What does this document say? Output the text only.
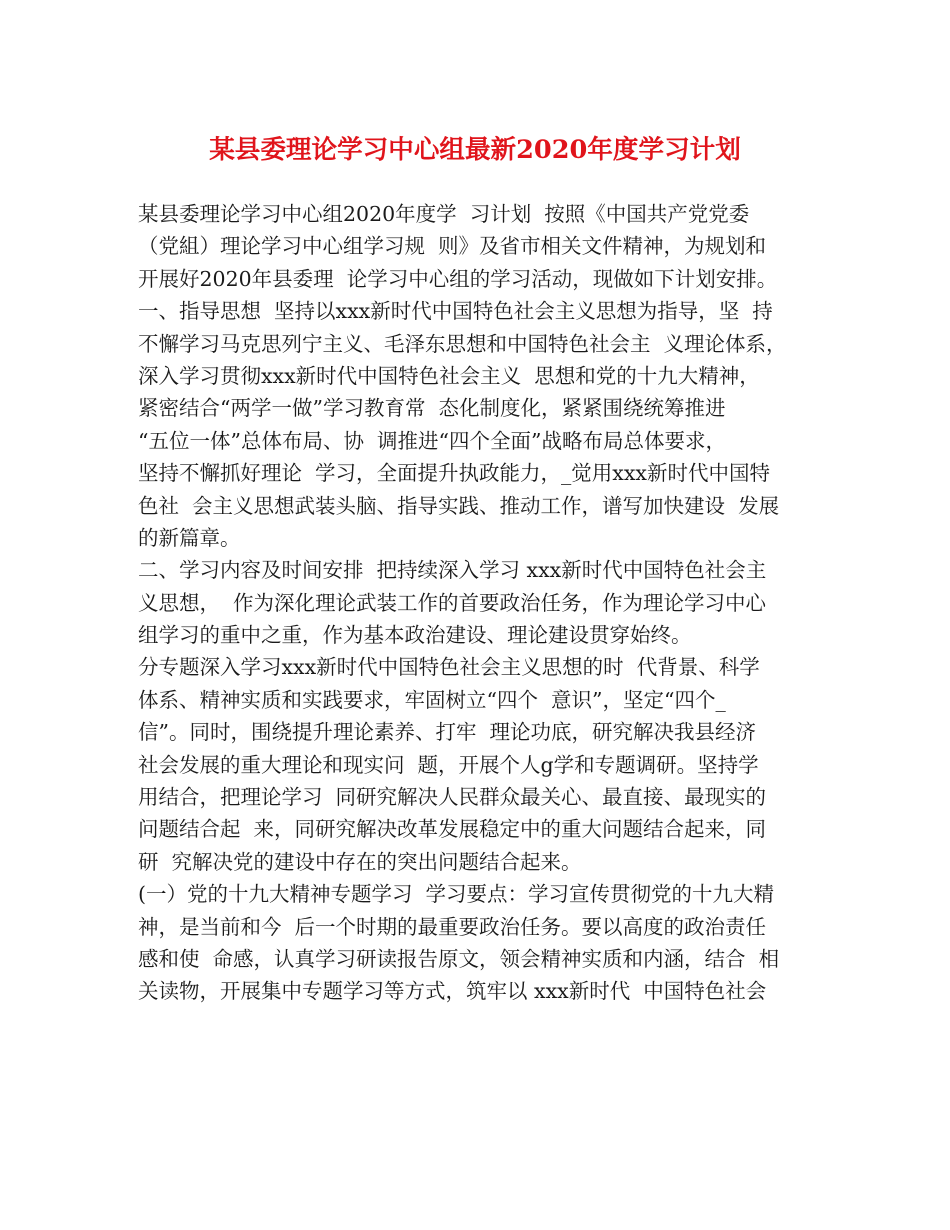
某县委理论学习中心组最新2020年度学习计划
某县委理论学习中心组2020年度学  习计划  按照《中国共产党党委
（党組）理论学习中心组学习规  则》及省市相关文件精神，为规划和
开展好2020年县委理  论学习中心组的学习活动，现做如下计划安排。
一、指导思想  坚持以xxx新时代中国特色社会主义思想为指导，坚  持
不懈学习马克思列宁主义、毛泽东思想和中国特色社会主  义理论体系，
深入学习贯彻xxx新时代中国特色社会主义  思想和党的十九大精神，
紧密结合“两学一做”学习教育常  态化制度化，紧紧围绕统筹推进
“五位一体”总体布局、协  调推进“四个全面”战略布局总体要求，
坚持不懈抓好理论  学习，全面提升执政能力，_觉用xxx新时代中国特
色社  会主义思想武装头脑、指导实践、推动工作，谱写加快建设  发展
的新篇章。
二、学习内容及时间安排  把持续深入学习 xxx新时代中国特色社会主
义思想，  作为深化理论武装工作的首要政治任务，作为理论学习中心
组学习的重中之重，作为基本政治建设、理论建设贯穿始终。
分专题深入学习xxx新时代中国特色社会主义思想的时  代背景、科学
体系、精神实质和实践要求，牢固树立“四个  意识”，坚定“四个_
信”。同时，围绕提升理论素养、打牢  理论功底，研究解决我县经济
社会发展的重大理论和现实问  题，开展个人g学和专题调研。坚持学
用结合，把理论学习  同研究解决人民群众最关心、最直接、最现实的
问题结合起  来，同研究解决改革发展稳定中的重大问题结合起来，同
研  究解决党的建设中存在的突出问题结合起来。
(一）党的十九大精神专题学习  学习要点：学习宣传贯彻党的十九大精
神，是当前和今  后一个时期的最重要政治任务。要以高度的政治责任
感和使  命感，认真学习研读报告原文，领会精神实质和内涵，结合  相
关读物，开展集中专题学习等方式，筑牢以 xxx新时代  中国特色社会
